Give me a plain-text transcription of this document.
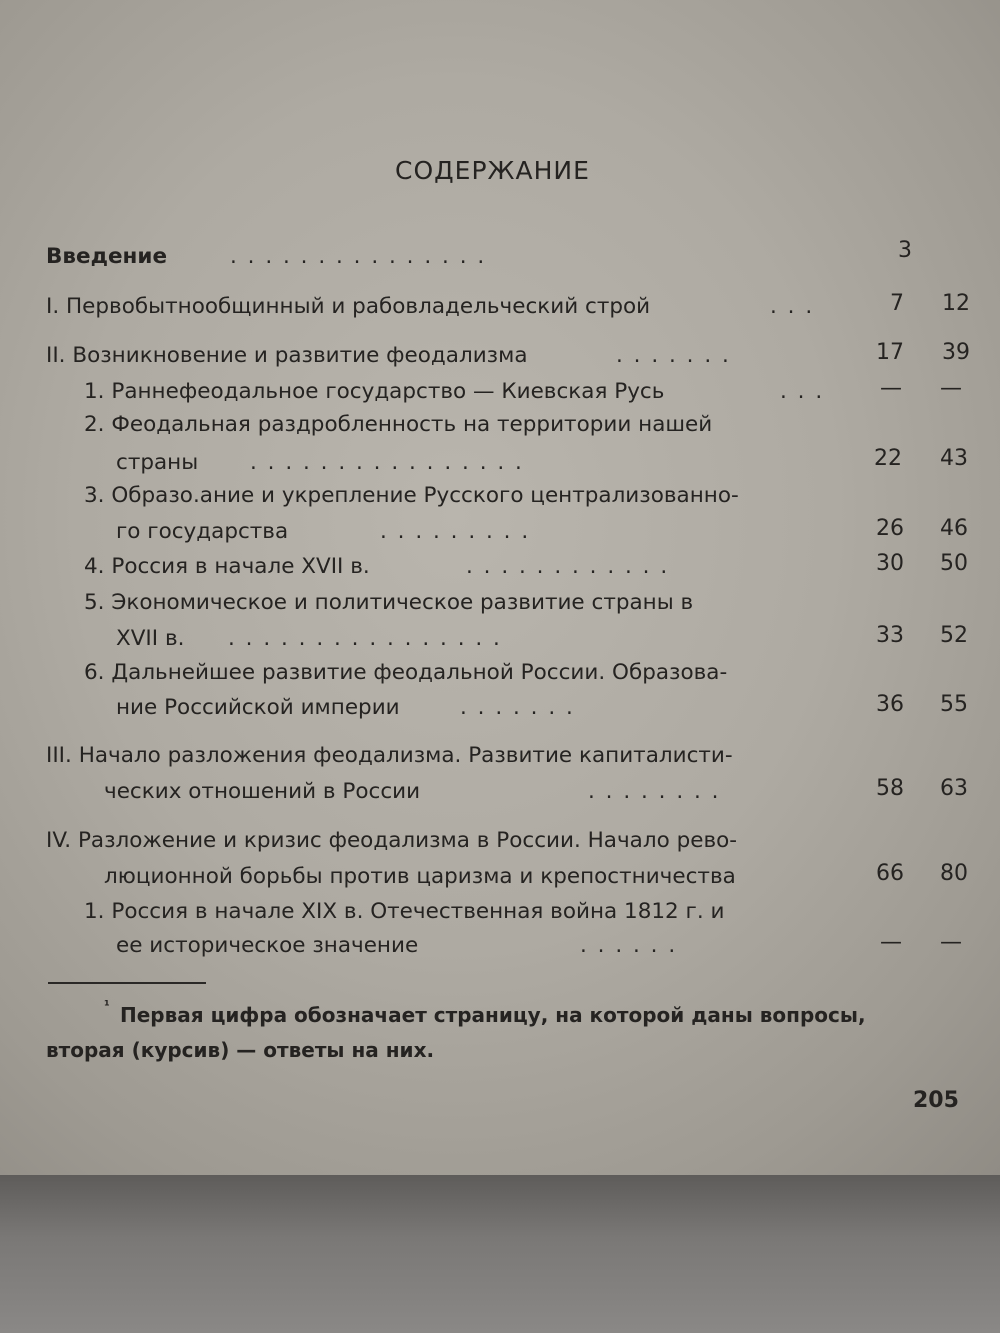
СОДЕРЖАНИЕ
Введение	. . . . . . . . . . . . . . .	3
I. Первобытнообщинный и рабовладельческий строй	. . .	7 12
II. Возникновение и развитие феодализма	. . . . . . .	17 39
1. Раннефеодальное государство — Киевская Русь	. . .	— —
2. Феодальная раздробленность на территории нашей
страны . . . . . . . . . . . . . . . .	22 43
3. Образо.ание и укрепление Русского централизованно-
го государства	. . . . . . . . .	26 46
4. Россия в начале XVII в.	. . . . . . . . . . . .	30 50
5. Экономическое и политическое развитие страны в
XVII в. . . . . . . . . . . . . . . . .	33 52
6. Дальнейшее развитие феодальной России. Образова-
ние Российской империи	. . . . . . .	36 55
III. Начало разложения феодализма. Развитие капиталисти-
ческих отношений в России	. . . . . . . .	58 63
IV. Разложение и кризис феодализма в России. Начало рево-
люционной борьбы против царизма и крепостничества	66 80
1. Россия в начале XIX в. Отечественная война 1812 г. и
ее историческое значение	. . . . . .	— —
¹ Первая цифра обозначает страницу, на которой даны вопросы,
вторая (курсив) — ответы на них.
205
